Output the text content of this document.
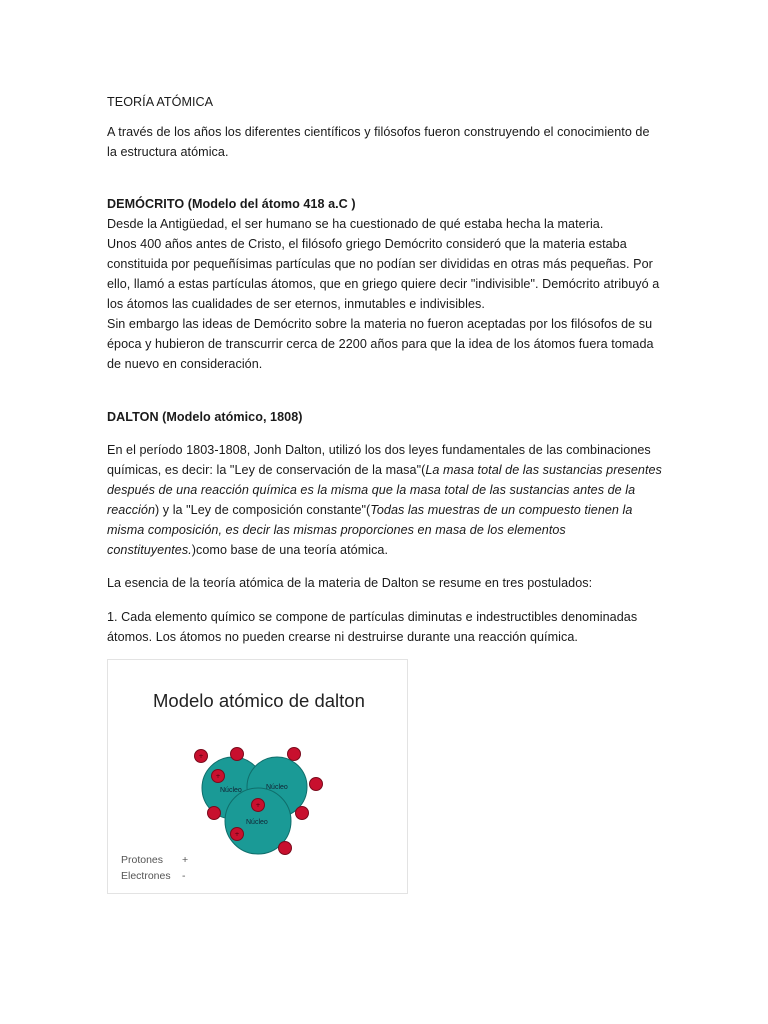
TEORÍA ATÓMICA
A través de los años los diferentes científicos y filósofos fueron construyendo el conocimiento de
la estructura atómica.
DEMÓCRITO (Modelo del átomo 418 a.C )
Desde la Antigüedad, el ser humano se ha cuestionado de qué estaba hecha la materia.
Unos 400 años antes de Cristo, el filósofo griego Demócrito consideró que la materia estaba
constituida por pequeñísimas partículas que no podían ser divididas en otras más pequeñas. Por
ello, llamó a estas partículas átomos, que en griego quiere decir "indivisible". Demócrito atribuyó a
los átomos las cualidades de ser eternos, inmutables e indivisibles.
Sin embargo las ideas de Demócrito sobre la materia no fueron aceptadas por los filósofos de su
época y hubieron de transcurrir cerca de 2200 años para que la idea de los átomos fuera tomada
de nuevo en consideración.
DALTON (Modelo atómico, 1808)
En el período 1803-1808, Jonh Dalton, utilizó los dos leyes fundamentales de las combinaciones
químicas, es decir: la "Ley de conservación de la masa"(La masa total de las sustancias presentes
después de una reacción química es la misma que la masa total de las sustancias antes de la
reacción) y la "Ley de composición constante"(Todas las muestras de un compuesto tienen la
misma composición, es decir las mismas proporciones en masa de los elementos
constituyentes.)como base de una teoría atómica.
La esencia de la teoría atómica de la materia de Dalton se resume en tres postulados:
1. Cada elemento químico se compone de partículas diminutas e indestructibles denominadas
átomos. Los átomos no pueden crearse ni destruirse durante una reacción química.
Modelo atómico de dalton
Núcleo	Núcleo
Núcleo
+
+
+
+
Protones +
Electrones -
